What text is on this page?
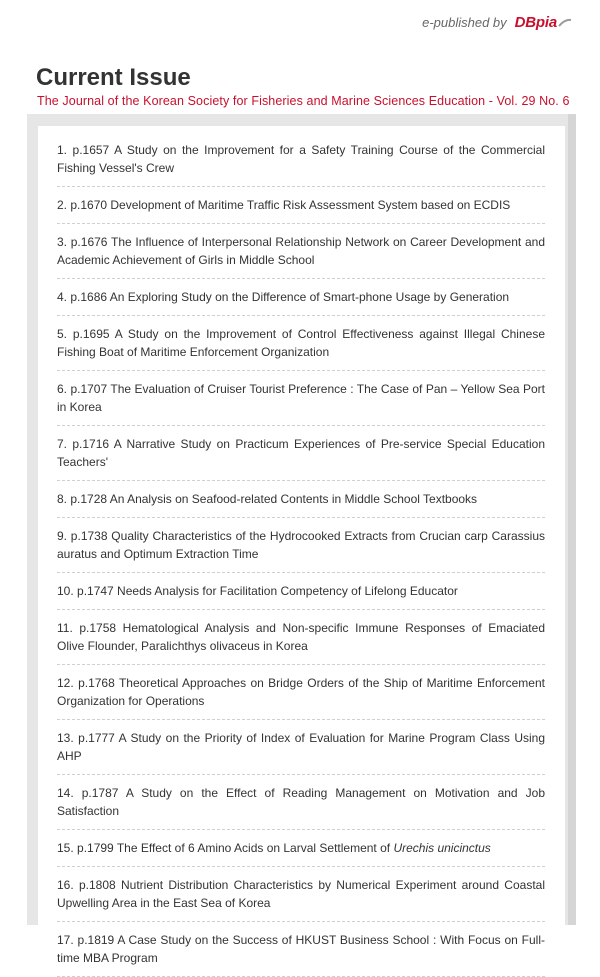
e-published by DBpia
Current Issue
The Journal of the Korean Society for Fisheries and Marine Sciences Education - Vol. 29 No. 6
1. p.1657 A Study on the Improvement for a Safety Training Course of the Commercial Fishing Vessel's Crew
2. p.1670 Development of Maritime Traffic Risk Assessment System based on ECDIS
3. p.1676 The Influence of Interpersonal Relationship Network on Career Development and Academic Achievement of Girls in Middle School
4. p.1686 An Exploring Study on the Difference of Smart-phone Usage by Generation
5. p.1695 A Study on the Improvement of Control Effectiveness against Illegal Chinese Fishing Boat of Maritime Enforcement Organization
6. p.1707 The Evaluation of Cruiser Tourist Preference : The Case of Pan – Yellow Sea Port in Korea
7. p.1716 A Narrative Study on Practicum Experiences of Pre-service Special Education Teachers'
8. p.1728 An Analysis on Seafood-related Contents in Middle School Textbooks
9. p.1738 Quality Characteristics of the Hydrocooked Extracts from Crucian carp Carassius auratus and Optimum Extraction Time
10. p.1747 Needs Analysis for Facilitation Competency of Lifelong Educator
11. p.1758 Hematological Analysis and Non-specific Immune Responses of Emaciated Olive Flounder, Paralichthys olivaceus in Korea
12. p.1768 Theoretical Approaches on Bridge Orders of the Ship of Maritime Enforcement Organization for Operations
13. p.1777 A Study on the Priority of Index of Evaluation for Marine Program Class Using AHP
14. p.1787 A Study on the Effect of Reading Management on Motivation and Job Satisfaction
15. p.1799 The Effect of 6 Amino Acids on Larval Settlement of Urechis unicinctus
16. p.1808 Nutrient Distribution Characteristics by Numerical Experiment around Coastal Upwelling Area in the East Sea of Korea
17. p.1819 A Case Study on the Success of HKUST Business School : With Focus on Full-time MBA Program
